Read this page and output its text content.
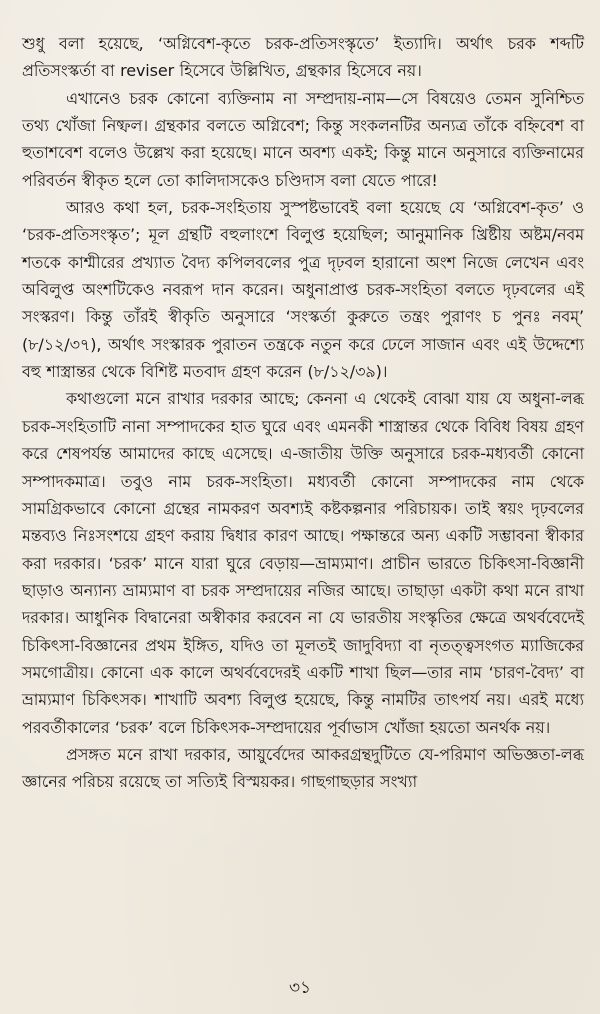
শুধু বলা হয়েছে, ‘অগ্নিবেশ-কৃতে চরক-প্রতিসংস্কৃতে’ ইত্যাদি। অর্থাৎ চরক শব্দটি প্রতিসংস্কর্তা বা reviser হিসেবে উল্লিখিত, গ্রন্থকার হিসেবে নয়।

এখানেও চরক কোনো ব্যক্তিনাম না সম্প্রদায়-নাম—সে বিষয়েও তেমন সুনিশ্চিত তথ্য খোঁজা নিষ্ফল। গ্রন্থকার বলতে অগ্নিবেশ; কিন্তু সংকলনটির অন্যত্র তাঁকে বহ্নিবেশ বা হুতাশবেশ বলেও উল্লেখ করা হয়েছে। মানে অবশ্য একই; কিন্তু মানে অনুসারে ব্যক্তিনামের পরিবর্তন স্বীকৃত হলে তো কালিদাসকেও চণ্ডিদাস বলা যেতে পারে!

আরও কথা হল, চরক-সংহিতায় সুস্পষ্টভাবেই বলা হয়েছে যে ‘অগ্নিবেশ-কৃত’ ও ‘চরক-প্রতিসংস্কৃত’; মূল গ্রন্থটি বহুলাংশে বিলুপ্ত হয়েছিল; আনুমানিক খ্রিষ্টীয় অষ্টম/নবম শতকে কাশ্মীরের প্রখ্যাত বৈদ্য কপিলবলের পুত্র দৃঢ়বল হারানো অংশ নিজে লেখেন এবং অবিলুপ্ত অংশটিকেও নবরূপ দান করেন। অধুনাপ্রাপ্ত চরক-সংহিতা বলতে দৃঢ়বলের এই সংস্করণ। কিন্তু তাঁরই স্বীকৃতি অনুসারে ‘সংস্কর্তা কুরুতে তন্ত্রং পুরাণং চ পুনঃ নবম্’ (৮/১২/৩৭), অর্থাৎ সংস্কারক পুরাতন তন্ত্রকে নতুন করে ঢেলে সাজান এবং এই উদ্দেশ্যে বহু শাস্ত্রান্তর থেকে বিশিষ্ট মতবাদ গ্রহণ করেন (৮/১২/৩৯)।

কথাগুলো মনে রাখার দরকার আছে; কেননা এ থেকেই বোঝা যায় যে অধুনা-লব্ধ চরক-সংহিতাটি নানা সম্পাদকের হাত ঘুরে এবং এমনকী শাস্ত্রান্তর থেকে বিবিধ বিষয় গ্রহণ করে শেষপর্যন্ত আমাদের কাছে এসেছে। এ-জাতীয় উক্তি অনুসারে চরক-মধ্যবর্তী কোনো সম্পাদকমাত্র। তবুও নাম চরক-সংহিতা। মধ্যবর্তী কোনো সম্পাদকের নাম থেকে সামগ্রিকভাবে কোনো গ্রন্থের নামকরণ অবশ্যই কষ্টকল্পনার পরিচায়ক। তাই স্বয়ং দৃঢ়বলের মন্তব্যও নিঃসংশয়ে গ্রহণ করায় দ্বিধার কারণ আছে। পক্ষান্তরে অন্য একটি সম্ভাবনা স্বীকার করা দরকার। ‘চরক’ মানে যারা ঘুরে বেড়ায়—ভ্রাম্যমাণ। প্রাচীন ভারতে চিকিৎসা-বিজ্ঞানী ছাড়াও অন্যান্য ভ্রাম্যমাণ বা চরক সম্প্রদায়ের নজির আছে। তাছাড়া একটা কথা মনে রাখা দরকার। আধুনিক বিদ্বানেরা অস্বীকার করবেন না যে ভারতীয় সংস্কৃতির ক্ষেত্রে অথর্ববেদেই চিকিৎসা-বিজ্ঞানের প্রথম ইঙ্গিত, যদিও তা মূলতই জাদুবিদ্যা বা নৃতত্ত্বসংগত ম্যাজিকের সমগোত্রীয়। কোনো এক কালে অথর্ববেদেরই একটি শাখা ছিল—তার নাম ‘চারণ-বৈদ্য’ বা ভ্রাম্যমাণ চিকিৎসক। শাখাটি অবশ্য বিলুপ্ত হয়েছে, কিন্তু নামটির তাৎপর্য নয়। এরই মধ্যে পরবর্তীকালের ‘চরক’ বলে চিকিৎসক-সম্প্রদায়ের পূর্বাভাস খোঁজা হয়তো অনর্থক নয়।

প্রসঙ্গত মনে রাখা দরকার, আয়ুর্বেদের আকরগ্রন্থদুটিতে যে-পরিমাণ অভিজ্ঞতা-লব্ধ জ্ঞানের পরিচয় রয়েছে তা সত্যিই বিস্ময়কর। গাছগাছড়ার সংখ্যা

৩১
